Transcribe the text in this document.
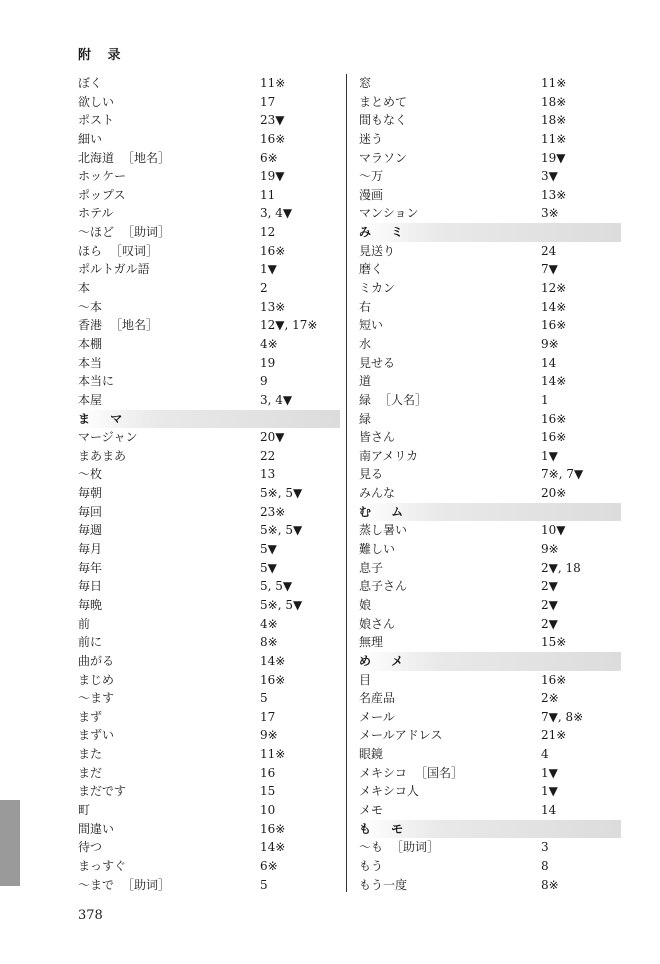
附 录
ぼく	11※
欲しい	17
ポスト	23▼
細い	16※
北海道 ［地名］	6※
ホッケー	19▼
ポップス	11
ホテル	3, 4▼
～ほど ［助词］	12
ほら ［叹词］	16※
ポルトガル語	1▼
本	2
～本	13※
香港 ［地名］	12▼, 17※
本棚	4※
本当	19
本当に	9
本屋	3, 4▼
ま マ
マージャン	20▼
まあまあ	22
～枚	13
毎朝	5※, 5▼
毎回	23※
毎週	5※, 5▼
毎月	5▼
毎年	5▼
毎日	5, 5▼
毎晩	5※, 5▼
前	4※
前に	8※
曲がる	14※
まじめ	16※
～ます	5
まず	17
まずい	9※
また	11※
まだ	16
まだです	15
町	10
間違い	16※
待つ	14※
まっすぐ	6※
～まで ［助词］	5
窓	11※
まとめて	18※
間もなく	18※
迷う	11※
マラソン	19▼
～万	3▼
漫画	13※
マンション	3※
み ミ
見送り	24
磨く	7▼
ミカン	12※
右	14※
短い	16※
水	9※
見せる	14
道	14※
緑 ［人名］	1
緑	16※
皆さん	16※
南アメリカ	1▼
見る	7※, 7▼
みんな	20※
む ム
蒸し暑い	10▼
難しい	9※
息子	2▼, 18
息子さん	2▼
娘	2▼
娘さん	2▼
無理	15※
め メ
目	16※
名産品	2※
メール	7▼, 8※
メールアドレス	21※
眼鏡	4
メキシコ ［国名］	1▼
メキシコ人	1▼
メモ	14
も モ
～も ［助词］	3
もう	8
もう一度	8※
378
